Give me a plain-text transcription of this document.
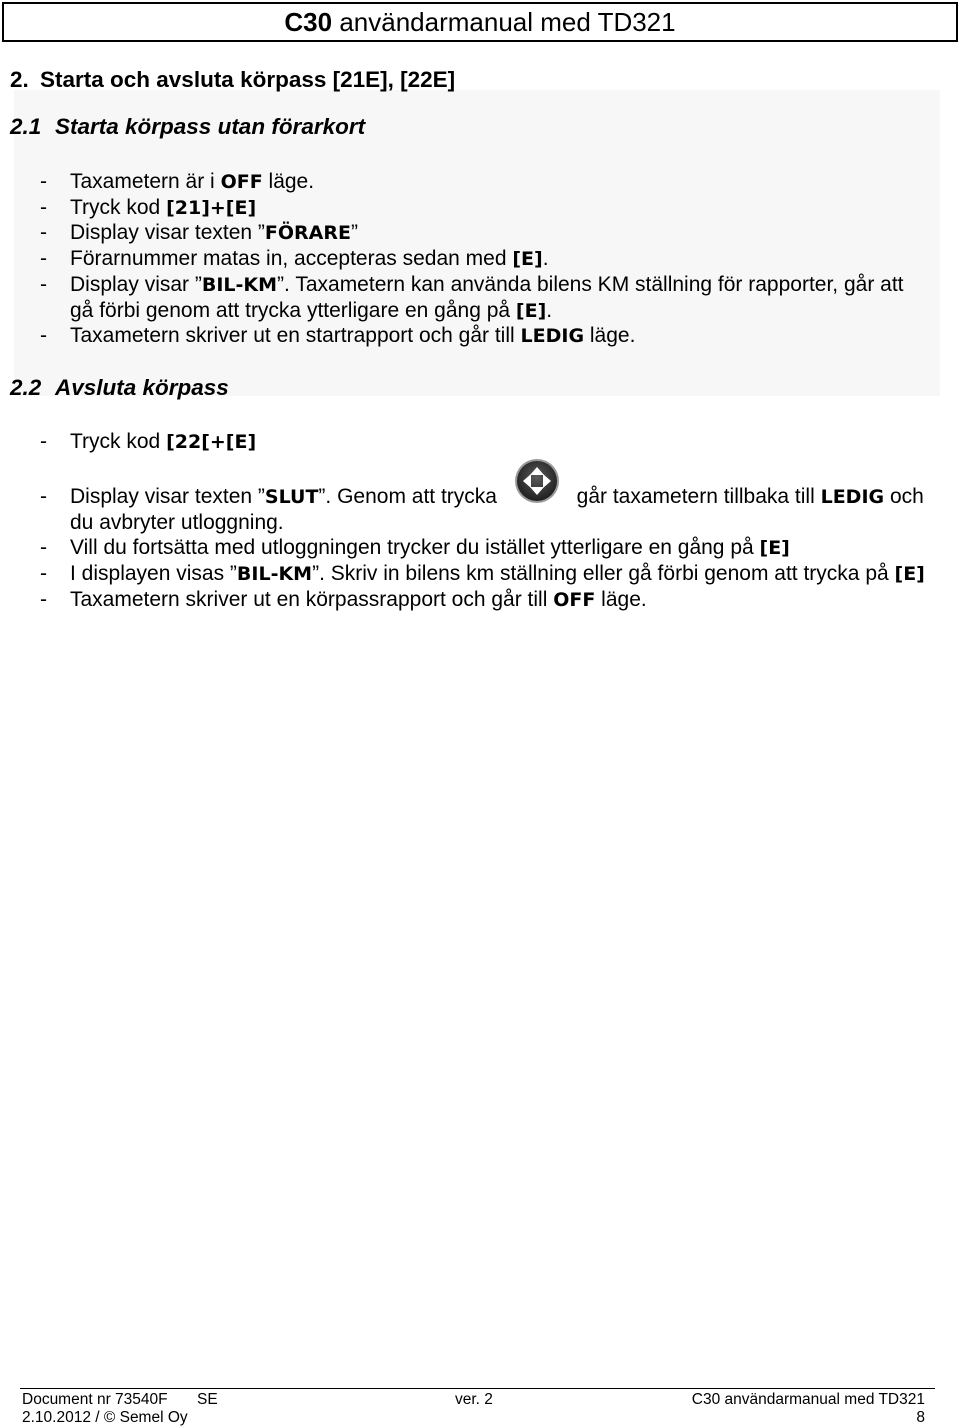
C30 användarmanual med TD321
2. Starta och avsluta körpass [21E], [22E]
2.1 Starta körpass utan förarkort
- Taxametern är i OFF läge.
- Tryck kod [21]+[E]
- Display visar texten ”FÖRARE”
- Förarnummer matas in, accepteras sedan med [E].
- Display visar ”BIL-KM”. Taxametern kan använda bilens KM ställning för rapporter, går att
gå förbi genom att trycka ytterligare en gång på [E].
- Taxametern skriver ut en startrapport och går till LEDIG läge.
2.2 Avsluta körpass
- Tryck kod [22[+[E]
- Display visar texten ”SLUT”. Genom att trycka	går taxametern tillbaka till LEDIG och
du avbryter utloggning.
- Vill du fortsätta med utloggningen trycker du istället ytterligare en gång på [E]
- I displayen visas ”BIL-KM”. Skriv in bilens km ställning eller gå förbi genom att trycka på [E]
- Taxametern skriver ut en körpassrapport och går till OFF läge.
Document nr 73540F SE	ver. 2	C30 användarmanual med TD321
2.10.2012 / © Semel Oy	8
